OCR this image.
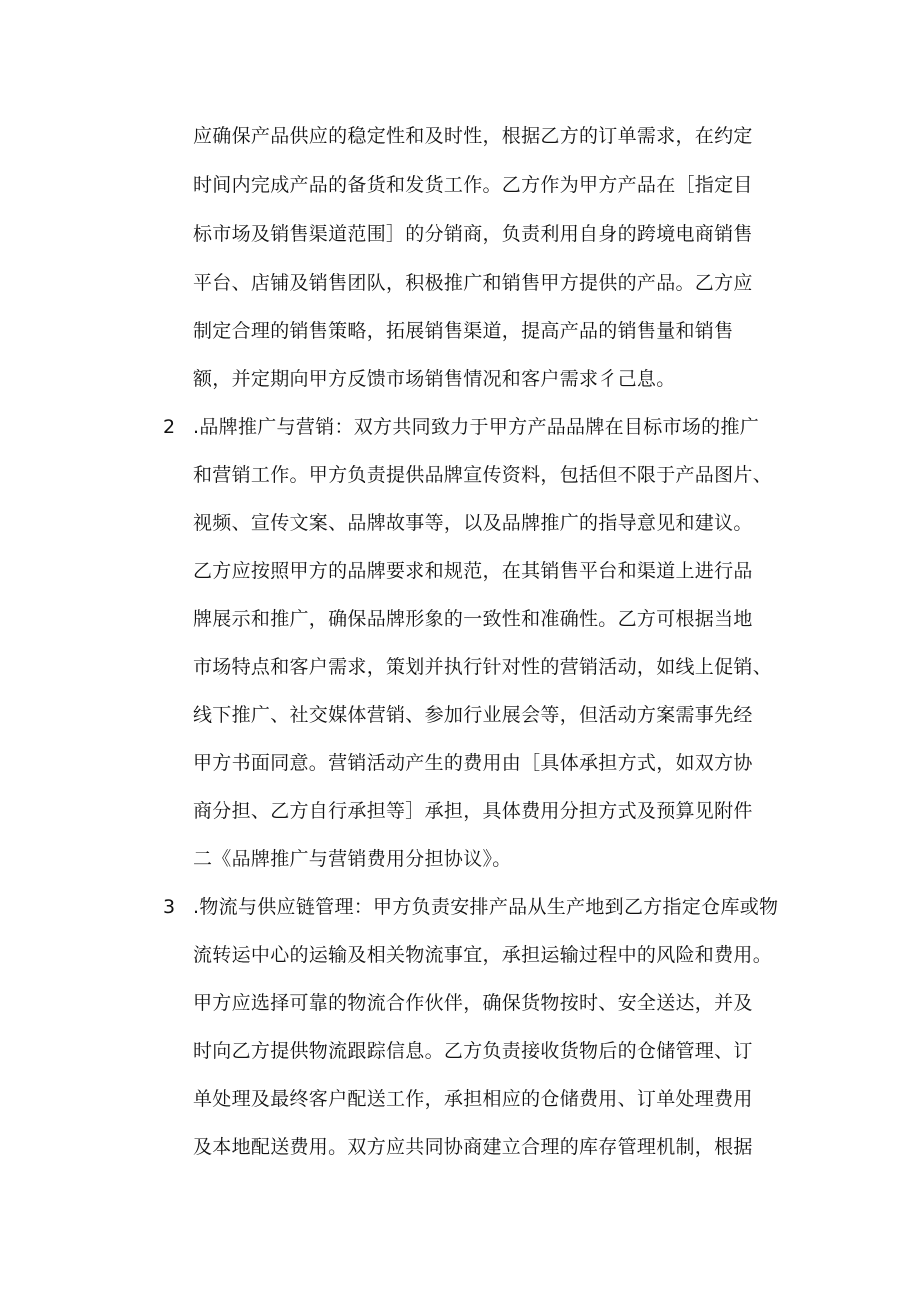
应确保产品供应的稳定性和及时性，根据乙方的订单需求，在约定
时间内完成产品的备货和发货工作。乙方作为甲方产品在［指定目
标市场及销售渠道范围］的分销商，负责利用自身的跨境电商销售
平台、店铺及销售团队，积极推广和销售甲方提供的产品。乙方应
制定合理的销售策略，拓展销售渠道，提高产品的销售量和销售
额，并定期向甲方反馈市场销售情况和客户需求彳己息。
2 .品牌推广与营销：双方共同致力于甲方产品品牌在目标市场的推广
和营销工作。甲方负责提供品牌宣传资料，包括但不限于产品图片、
视频、宣传文案、品牌故事等，以及品牌推广的指导意见和建议。
乙方应按照甲方的品牌要求和规范，在其销售平台和渠道上进行品
牌展示和推广，确保品牌形象的一致性和准确性。乙方可根据当地
市场特点和客户需求，策划并执行针对性的营销活动，如线上促销、
线下推广、社交媒体营销、参加行业展会等，但活动方案需事先经
甲方书面同意。营销活动产生的费用由［具体承担方式，如双方协
商分担、乙方自行承担等］承担，具体费用分担方式及预算见附件
二《品牌推广与营销费用分担协议》。
3 .物流与供应链管理：甲方负责安排产品从生产地到乙方指定仓库或物
流转运中心的运输及相关物流事宜，承担运输过程中的风险和费用。
甲方应选择可靠的物流合作伙伴，确保货物按时、安全送达，并及
时向乙方提供物流跟踪信息。乙方负责接收货物后的仓储管理、订
单处理及最终客户配送工作，承担相应的仓储费用、订单处理费用
及本地配送费用。双方应共同协商建立合理的库存管理机制，根据
